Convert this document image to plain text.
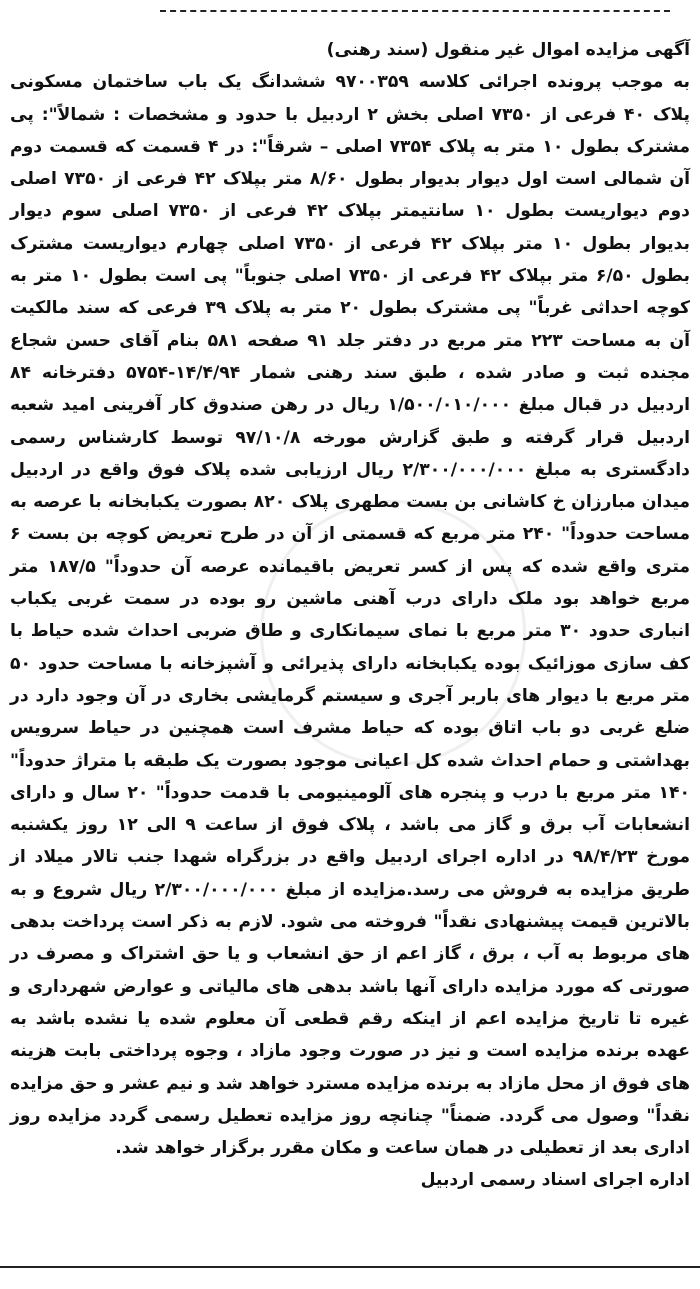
آگهی مزایده اموال غیر منقول (سند رهنی)
به موجب پرونده اجرائی کلاسه ۹۷۰۰۳۵۹ ششدانگ یک باب ساختمان مسکونی پلاک ۴۰ فرعی از ۷۳۵۰ اصلی بخش ۲ اردبیل با حدود و مشخصات : شمالاً": پی مشترک بطول ۱۰ متر به پلاک ۷۳۵۴ اصلی – شرقاً": در ۴ قسمت که قسمت دوم آن شمالی است اول دیوار بدیوار بطول ۸/۶۰ متر بپلاک ۴۲ فرعی از ۷۳۵۰ اصلی دوم دیواریست بطول ۱۰ سانتیمتر بپلاک ۴۲ فرعی از ۷۳۵۰ اصلی سوم دیوار بدیوار بطول ۱۰ متر بپلاک ۴۲ فرعی از ۷۳۵۰ اصلی چهارم دیواریست مشترک بطول ۶/۵۰ متر بپلاک ۴۲ فرعی از ۷۳۵۰ اصلی جنوباً" پی است بطول ۱۰ متر به کوچه احداثی غرباً" پی مشترک بطول ۲۰ متر به پلاک ۳۹ فرعی که سند مالکیت آن به مساحت ۲۲۳ متر مربع در دفتر جلد ۹۱ صفحه ۵۸۱ بنام آقای حسن شجاع مجنده ثبت و صادر شده ، طبق سند رهنی شمار ۱۴/۴/۹۴-۵۷۵۴ دفترخانه ۸۴ اردبیل در قبال مبلغ ۱/۵۰۰/۰۱۰/۰۰۰ ریال در رهن صندوق کار آفرینی امید شعبه اردبیل قرار گرفته و طبق گزارش مورخه ۹۷/۱۰/۸ توسط کارشناس رسمی دادگستری به مبلغ ۲/۳۰۰/۰۰۰/۰۰۰ ریال ارزیابی شده پلاک فوق واقع در اردبیل میدان مبارزان خ کاشانی بن بست مطهری پلاک ۸۲۰ بصورت یکبابخانه با عرصه به مساحت حدوداً" ۲۴۰ متر مربع که قسمتی از آن در طرح تعریض کوچه بن بست ۶ متری واقع شده که پس از کسر تعریض باقیمانده عرصه آن حدوداً" ۱۸۷/۵ متر مربع خواهد بود ملک دارای درب آهنی ماشین رو بوده در سمت غربی یکباب انباری حدود ۳۰ متر مربع با نمای سیمانکاری و طاق ضربی احداث شده حیاط با کف سازی موزائیک بوده یکبابخانه دارای پذیرائی و آشپزخانه با مساحت حدود ۵۰ متر مربع با دیوار های باربر آجری و سیستم گرمایشی بخاری در آن وجود دارد در ضلع غربی دو باب اتاق بوده که حیاط مشرف است همچنین در حیاط سرویس بهداشتی و حمام احداث شده کل اعیانی موجود بصورت یک طبقه با متراژ حدوداً" ۱۴۰ متر مربع با درب و پنجره های آلومینیومی با قدمت حدوداً" ۲۰ سال و دارای انشعابات آب برق و گاز می باشد ، پلاک فوق از ساعت ۹ الی ۱۲ روز یکشنبه مورخ ۹۸/۴/۲۳ در اداره اجرای اردبیل واقع در بزرگراه شهدا جنب تالار میلاد از طریق مزایده به فروش می رسد.مزایده از مبلغ ۲/۳۰۰/۰۰۰/۰۰۰ ریال شروع و به بالاترین قیمت پیشنهادی نقداً" فروخته می شود. لازم به ذکر است پرداخت بدهی های مربوط به آب ، برق ، گاز اعم از حق انشعاب و یا حق اشتراک و مصرف در صورتی که مورد مزایده دارای آنها باشد بدهی های مالیاتی و عوارض شهرداری و غیره تا تاریخ مزایده اعم از اینکه رقم قطعی آن معلوم شده یا نشده باشد به عهده برنده مزایده است و نیز در صورت وجود مازاد ، وجوه پرداختی بابت هزینه های فوق از محل مازاد به برنده مزایده مسترد خواهد شد و نیم عشر و حق مزایده نقداً" وصول می گردد. ضمناً" چنانچه روز مزایده تعطیل رسمی گردد مزایده روز اداری بعد از تعطیلی در همان ساعت و مکان مقرر برگزار خواهد شد.
اداره اجرای اسناد رسمی اردبیل
